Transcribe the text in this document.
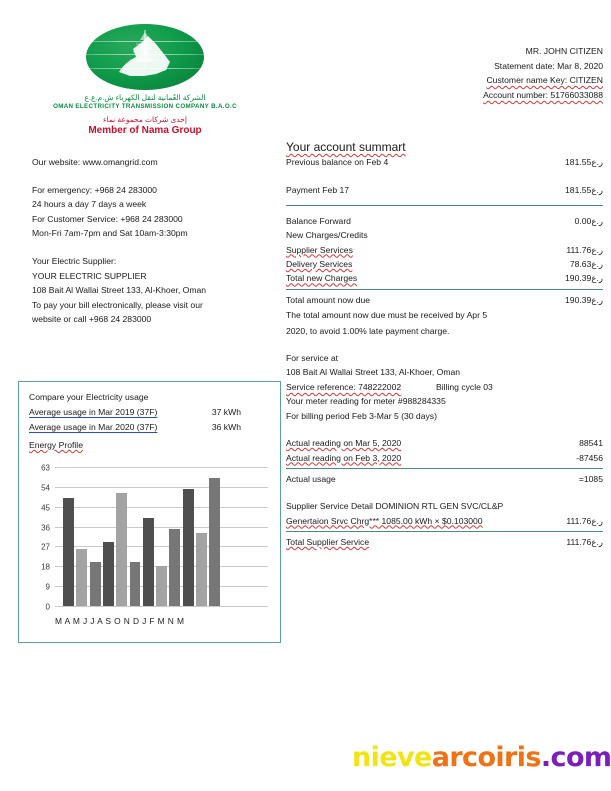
الشركة العُمانية لنقل الكهرباء ش.م.ع.ع
OMAN ELECTRICITY TRANSMISSION COMPANY B.A.O.C
إحدى شركات مجموعة نماء
Member of Nama Group
Our website: www.omangrid.com
For emergency: +968 24 283000
24 hours a day 7 days a week
For Customer Service: +968 24 283000
Mon-Fri 7am-7pm and Sat 10am-3:30pm
Your Electric Supplier:
YOUR ELECTRIC SUPPLIER
108 Bait Al Wallai Street 133, Al-Khoer, Oman
To pay your bill electronically, please visit our
website or call +968 24 283000
MR. JOHN CITIZEN
Statement date: Mar 8, 2020
Customer name Key: CITIZEN
Account number: 51766033088
Your account summart
Previous balance on Feb 4	181.55ر.ع
Payment Feb 17	181.55ر.ع
Balance Forward	0.00ر.ع
New Charges/Credits
Supplier Services	111.76ر.ع
Delivery Services	78.63ر.ع
Total new Charges	190.39ر.ع
Total amount now due	190.39ر.ع
The total amount now due must be received by Apr 5
2020, to avoid 1.00% late payment charge.
For service at
108 Bait Al Wallai Street 133, Al-Khoer, Oman
Service reference: 748222002	Billing cycle 03
Your meter reading for meter #988284335
For billing period Feb 3-Mar 5 (30 days)
Actual reading on Mar 5, 2020	88541
Actual reading on Feb 3, 2020	-87456
Actual usage	=1085
Supplier Service Detail DOMINION RTL GEN SVC/CL&P
Genertaion Srvc Chrg*** 1085.00 kWh × $0.103000	111.76ر.ع
Total Supplier Service	111.76ر.ع
Compare your Electricity usage
Average usage in Mar 2019 (37F)	37 kWh
Average usage in Mar 2020 (37F)	36 kWh
Energy Profile
0
9
18
27
36
45
54
63
M A M J J A S O N D J F M N M
nievearcoiris.com
